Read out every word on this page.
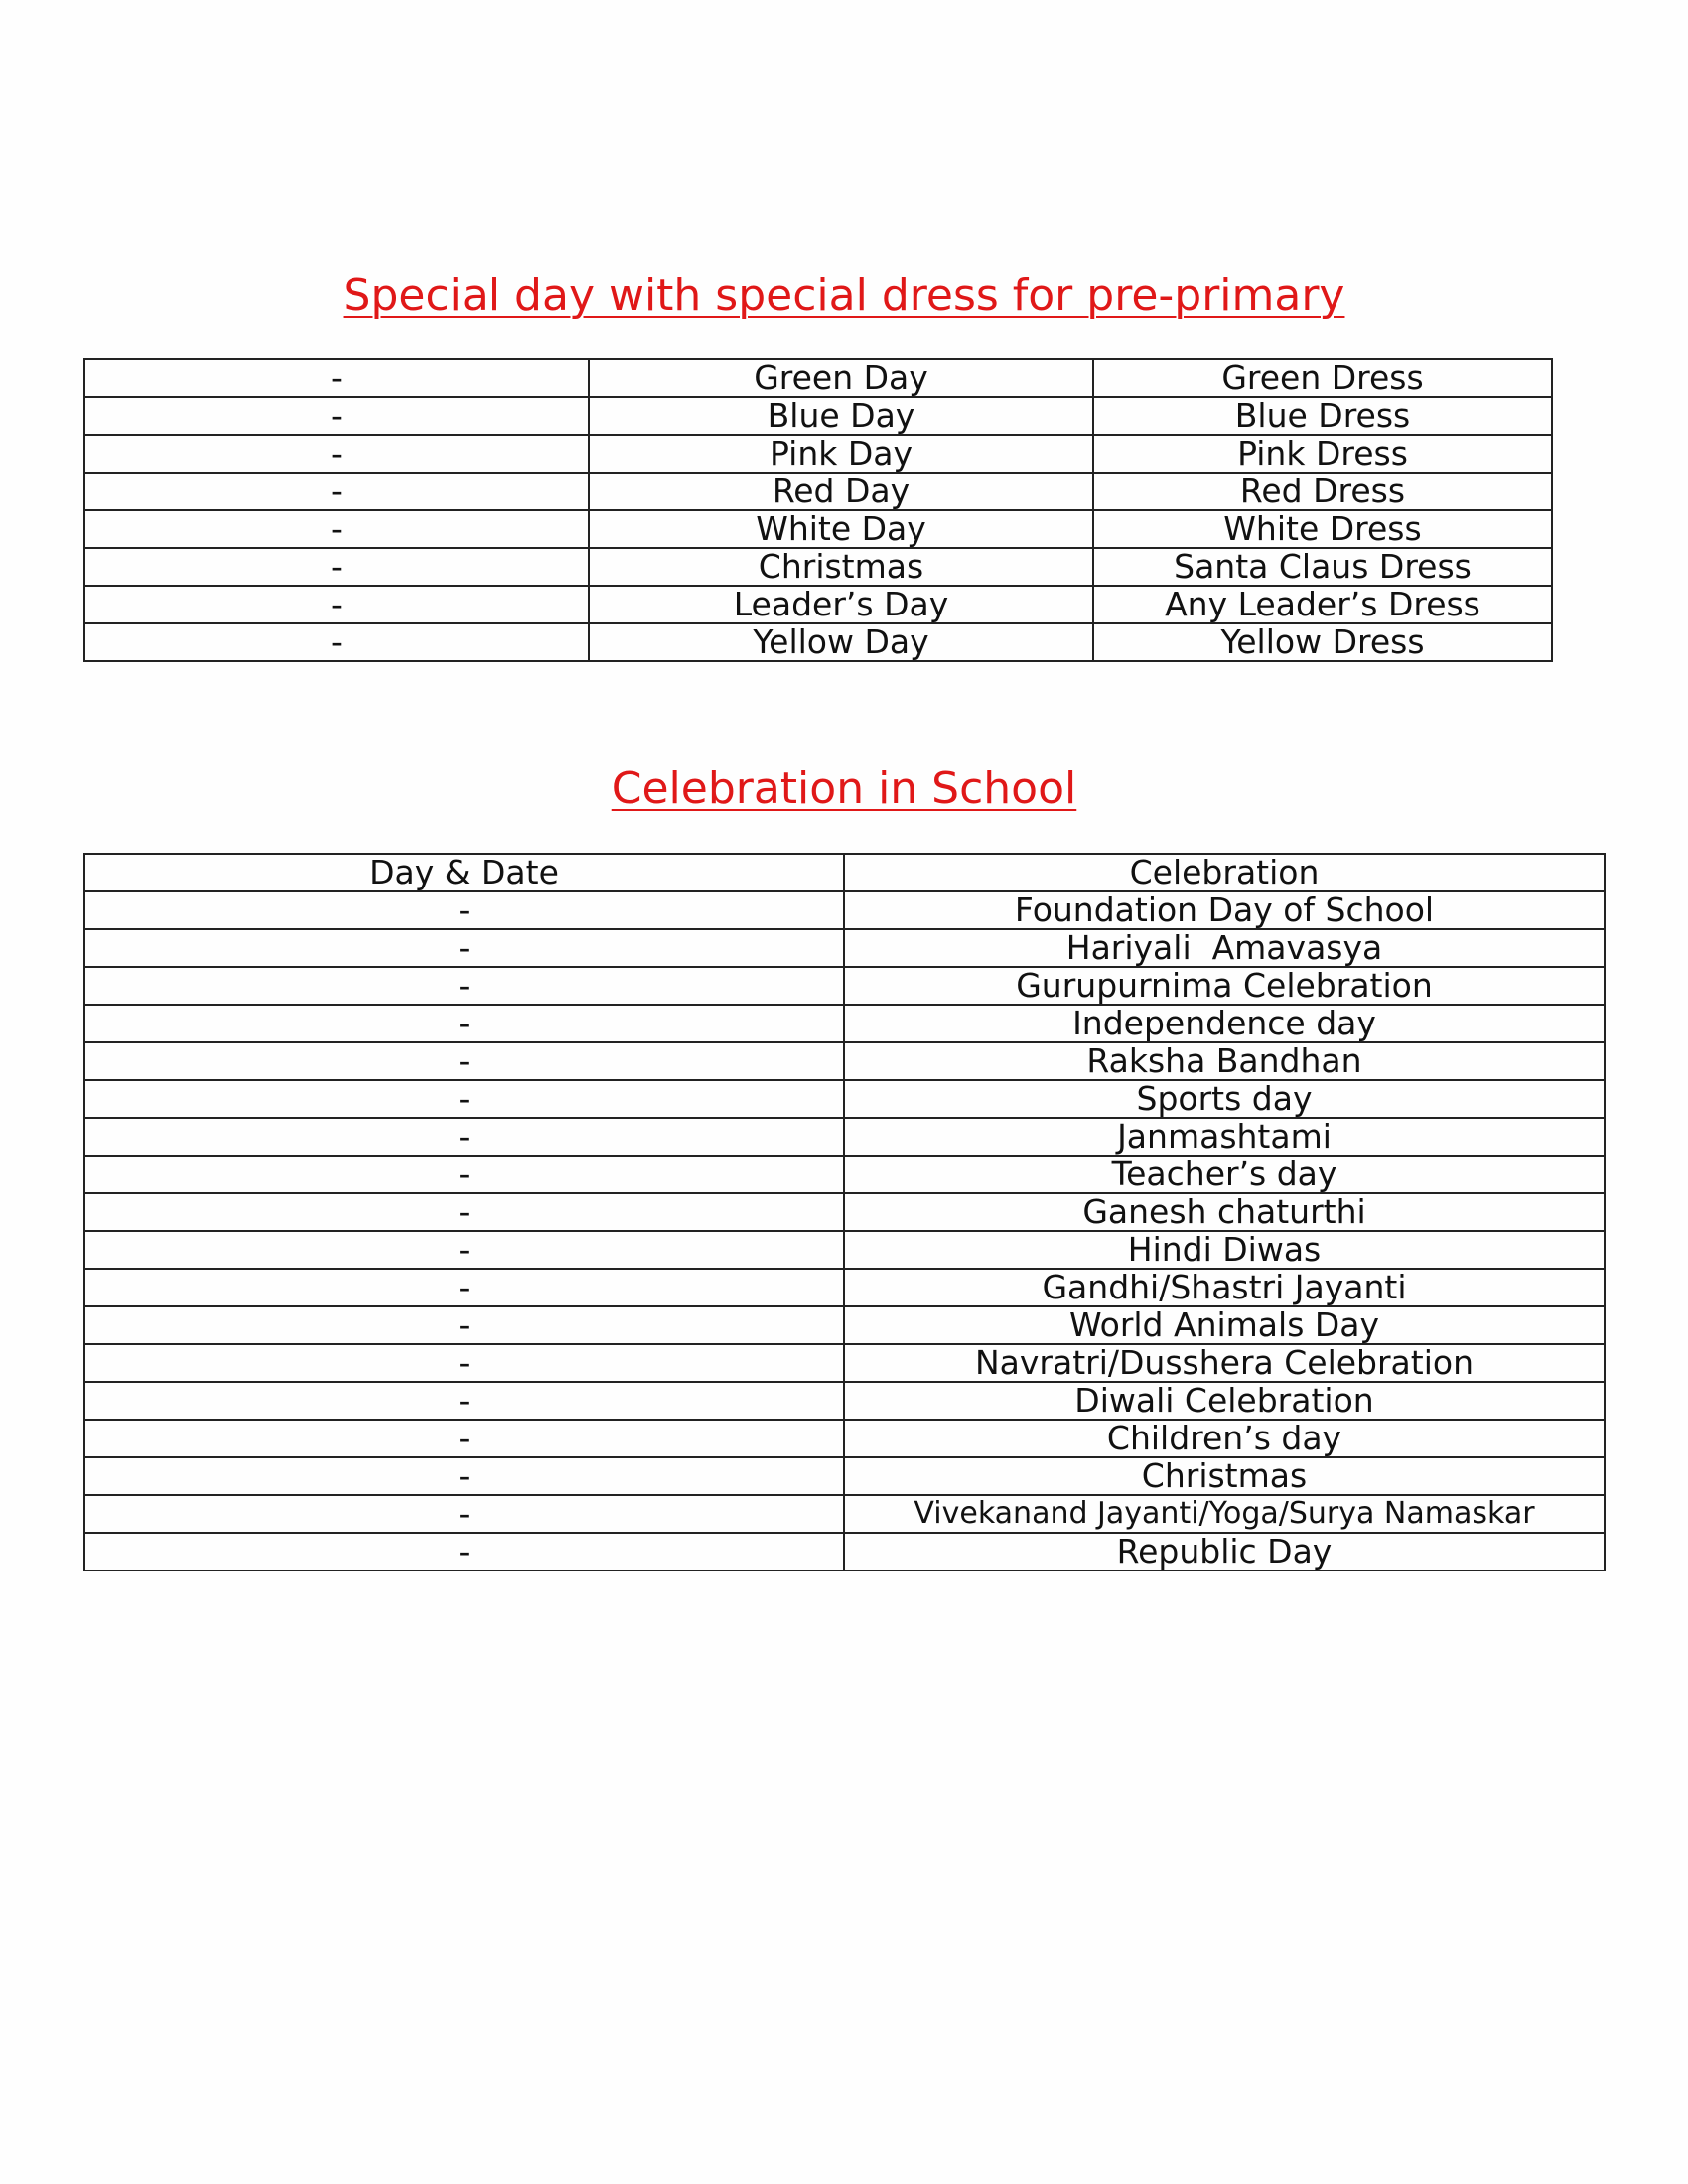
Special day with special dress for pre-primary
-	Green Day	Green Dress
-	Blue Day	Blue Dress
-	Pink Day	Pink Dress
-	Red Day	Red Dress
-	White Day	White Dress
-	Christmas	Santa Claus Dress
-	Leader’s Day	Any Leader’s Dress
-	Yellow Day	Yellow Dress
Celebration in School
Day & Date	Celebration
-	Foundation Day of School
-	Hariyali  Amavasya
-	Gurupurnima Celebration
-	Independence day
-	Raksha Bandhan
-	Sports day
-	Janmashtami
-	Teacher’s day
-	Ganesh chaturthi
-	Hindi Diwas
-	Gandhi/Shastri Jayanti
-	World Animals Day
-	Navratri/Dusshera Celebration
-	Diwali Celebration
-	Children’s day
-	Christmas
-	Vivekanand Jayanti/Yoga/Surya Namaskar
-	Republic Day
